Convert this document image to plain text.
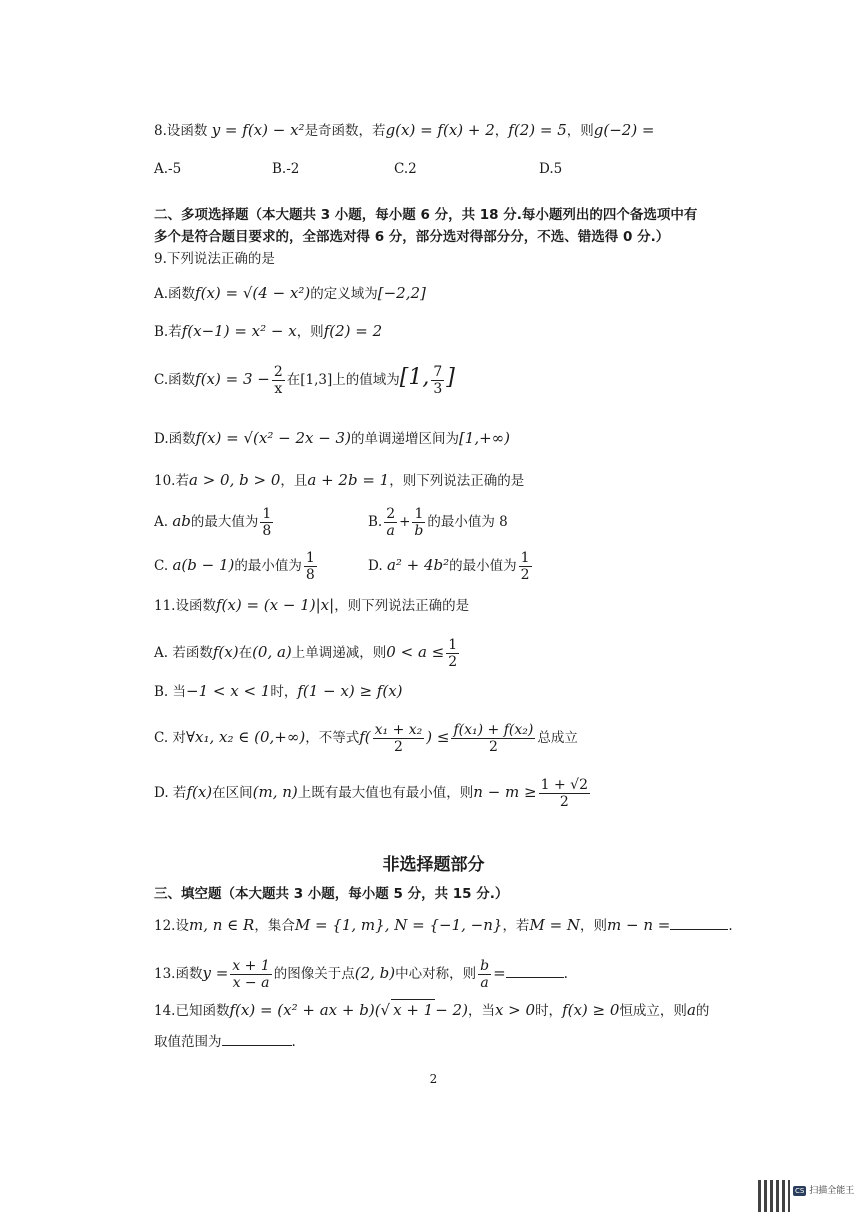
8.设函数 y = f(x) − x²是奇函数，若g(x) = f(x) + 2，f(2) = 5，则g(−2) =
A.-5	B.-2	C.2	D.5
二、多项选择题（本大题共 3 小题，每小题 6 分，共 18 分.每小题列出的四个备选项中有
多个是符合题目要求的，全部选对得 6 分，部分选对得部分分，不选、错选得 0 分.）
9.下列说法正确的是
A.函数f(x) = √(4 − x²)的定义域为[−2,2]
B.若f(x−1) = x² − x，则f(2) = 2
C.函数$f(x) = 3 - \frac{2}{x}$ 在[1,3]上的值域为[1, $\frac{7}{3}$ ]
D.函数f(x) = √(x² − 2x − 3)的单调递增区间为[1,+∞)
10.若a > 0, b > 0，且a + 2b = 1，则下列说法正确的是
A. ab的最大值为 $\frac{1}{8}$	B. $\frac{2}{a} + \frac{1}{b}$ 的最小值为 8
C. a(b − 1)的最小值为 $\frac{1}{8}$	D. a² + 4b²的最小值为 $\frac{1}{2}$
11.设函数f(x) = (x − 1)|x|，则下列说法正确的是
A. 若函数f(x)在(0, a)上单调递减，则$0 < a \le \frac{1}{2}$
B. 当−1 < x < 1时，f(1 − x) ≥ f(x)
C. 对∀x₁, x₂ ∈ (0,+∞)，不等式$f( \frac{\text{x₁ + x₂}}{2}$ ) ≤ $\frac{\text{f(x₁) + f(x₂)}}{2}$ 总成立
D. 若f(x)在区间(m, n)上既有最大值也有最小值，则$n - m \ge \frac{1 + √2}{2}$
非选择题部分
三、填空题（本大题共 3 小题，每小题 5 分，共 15 分.）
12.设m, n ∈ R，集合M = {1, m}, N = {−1, −n}，若M = N，则m − n =	.
13.函数$y = \frac{x + 1}{x - a}$ 的图像关于点(2, b)中心对称，则 $\frac{b}{a}$ =	.
14.已知函数f(x) = (x² + ax + b)(√ x + 1 − 2)，当x > 0时，f(x) ≥ 0恒成立，则a的
取值范围为	.
2
CS 扫描全能王
